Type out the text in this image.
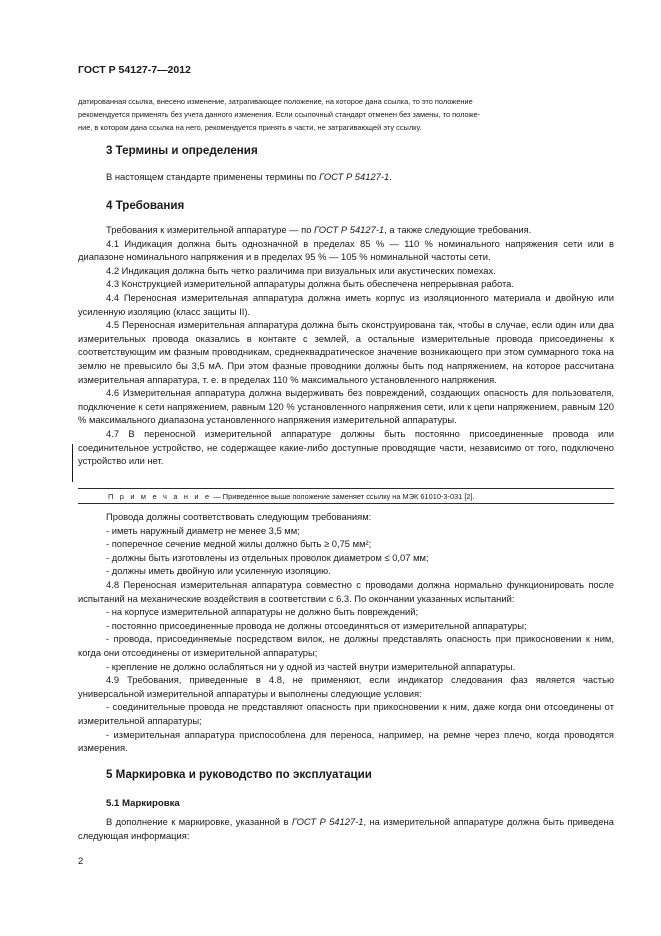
ГОСТ Р 54127-7—2012
датированная ссылка, внесено изменение, затрагивающее положение, на которое дана ссылка, то это положение
рекомендуется применять без учета данного изменения. Если ссылочный стандарт отменен без замены, то положе-
ние, в котором дана ссылка на него, рекомендуется принять в части, не затрагивающей эту ссылку.
3 Термины и определения

В настоящем стандарте применены термины по ГОСТ Р 54127-1.

4 Требования

Требования к измерительной аппаратуре — по ГОСТ Р 54127-1, а также следующие требования.

4.1 Индикация должна быть однозначной в пределах 85 % — 110 % номинального напряжения сети или в диапазоне номинального напряжения и в пределах 95 % — 105 % номинальной частоты сети.

4.2 Индикация должна быть четко различима при визуальных или акустических помехах.

4.3 Конструкцией измерительной аппаратуры должна быть обеспечена непрерывная работа.

4.4 Переносная измерительная аппаратура должна иметь корпус из изоляционного материала и двойную или усиленную изоляцию (класс защиты II).

4.5 Переносная измерительная аппаратура должна быть сконструирована так, чтобы в случае, если один или два измерительных провода оказались в контакте с землей, а остальные измерительные провода присоединены к соответствующим им фазным проводникам, среднеквадратическое значение возникающего при этом суммарного тока на землю не превысило бы 3,5 мА. При этом фазные проводники должны быть под напряжением, на которое рассчитана измерительная аппаратура, т. е. в пределах 110 % максимального установленного напряжения.

4.6 Измерительная аппаратура должна выдерживать без повреждений, создающих опасность для пользователя, подключение к сети напряжением, равным 120 % установленного напряжения сети, или к цепи напряжением, равным 120 % максимального диапазона установленного напряжения измерительной аппаратуры.

4.7 В переносной измерительной аппаратуре должны быть постоянно присоединенные провода или соединительное устройство, не содержащее какие-либо доступные проводящие части, независимо от того, подключено устройство или нет.

П р и м е ч а н и е — Приведенное выше положение заменяет ссылку на МЭК 61010-3-031 [2].

Провода должны соответствовать следующим требованиям:

- иметь наружный диаметр не менее 3,5 мм;

- поперечное сечение медной жилы должно быть ≥ 0,75 мм²;

- должны быть изготовлены из отдельных проволок диаметром ≤ 0,07 мм;

- должны иметь двойную или усиленную изоляцию.

4.8 Переносная измерительная аппаратура совместно с проводами должна нормально функционировать после испытаний на механические воздействия в соответствии с 6.3. По окончании указанных испытаний:

- на корпусе измерительной аппаратуры не должно быть повреждений;

- постоянно присоединенные провода не должны отсоединяться от измерительной аппаратуры;

- провода, присоединяемые посредством вилок, не должны представлять опасность при прикосновении к ним, когда они отсоединены от измерительной аппаратуры;

- крепление не должно ослабляться ни у одной из частей внутри измерительной аппаратуры.

4.9 Требования, приведенные в 4.8, не применяют, если индикатор следования фаз является частью универсальной измерительной аппаратуры и выполнены следующие условия:

- соединительные провода не представляют опасность при прикосновении к ним, даже когда они отсоединены от измерительной аппаратуры;

- измерительная аппаратура приспособлена для переноса, например, на ремне через плечо, когда проводятся измерения.

5 Маркировка и руководство по эксплуатации
5.1 Маркировка

В дополнение к маркировке, указанной в ГОСТ Р 54127-1, на измерительной аппаратуре должна быть приведена следующая информация:

2
